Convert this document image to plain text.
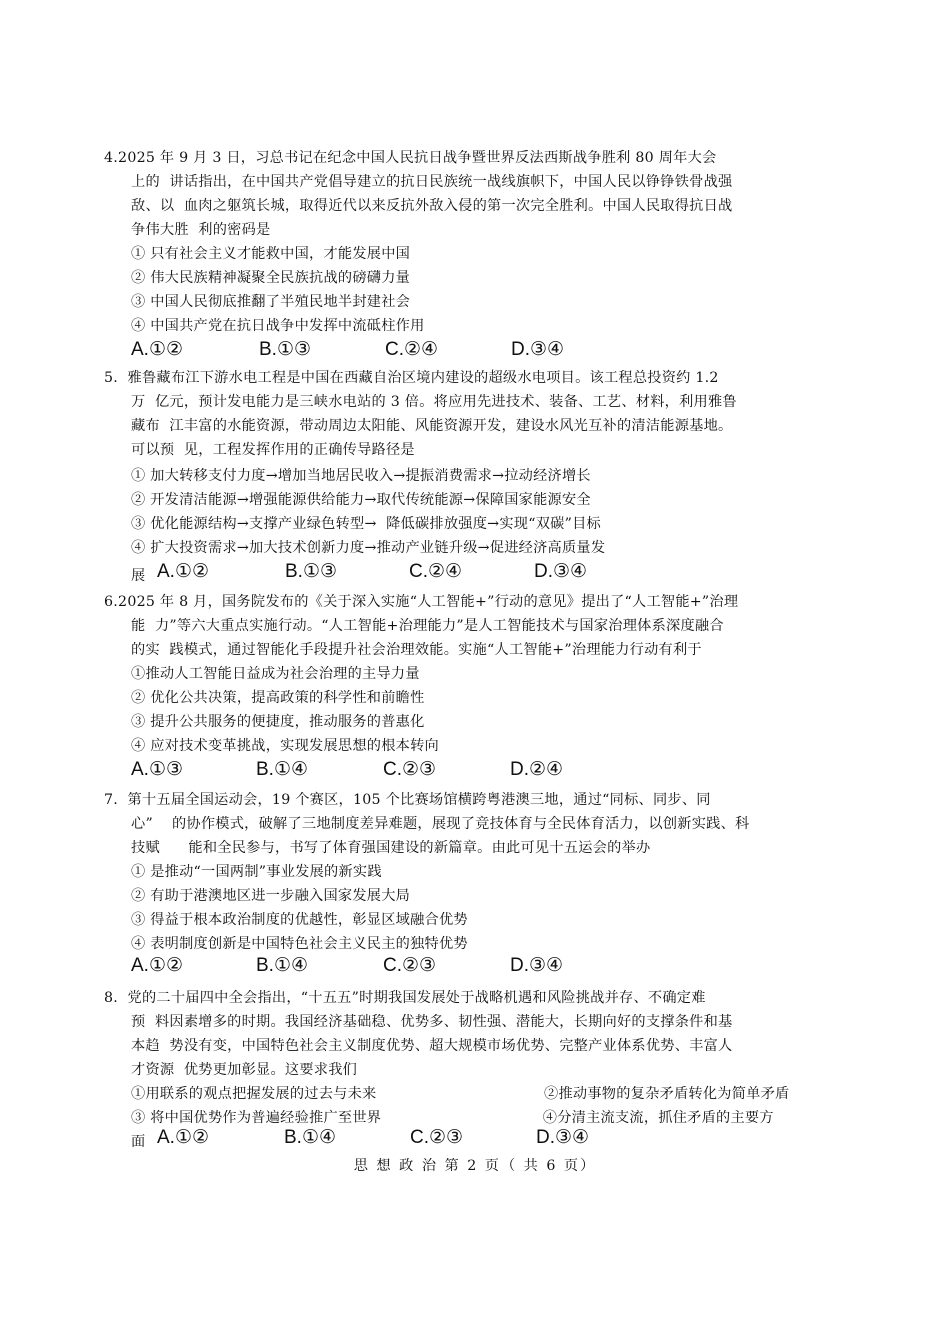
4.2025 年 9 月 3 日，习总书记在纪念中国人民抗日战争暨世界反法西斯战争胜利 80 周年大会
上的  讲话指出，在中国共产党倡导建立的抗日民族统一战线旗帜下，中国人民以铮铮铁骨战强
敌、以  血肉之躯筑长城，取得近代以来反抗外敌入侵的第一次完全胜利。中国人民取得抗日战
争伟大胜  利的密码是
① 只有社会主义才能救中国，才能发展中国
② 伟大民族精神凝聚全民族抗战的磅礴力量
③ 中国人民彻底推翻了半殖民地半封建社会
④ 中国共产党在抗日战争中发挥中流砥柱作用
A.①②	B.①③	C.②④	D.③④
5.  雅鲁藏布江下游水电工程是中国在西藏自治区境内建设的超级水电项目。该工程总投资约 1.2
万  亿元，预计发电能力是三峡水电站的 3 倍。将应用先进技术、装备、工艺、材料，利用雅鲁
藏布  江丰富的水能资源，带动周边太阳能、风能资源开发，建设水风光互补的清洁能源基地。
可以预  见，工程发挥作用的正确传导路径是
① 加大转移支付力度→增加当地居民收入→提振消费需求→拉动经济增长
② 开发清洁能源→增强能源供给能力→取代传统能源→保障国家能源安全
③ 优化能源结构→支撑产业绿色转型→  降低碳排放强度→实现“双碳”目标
④ 扩大投资需求→加大技术创新力度→推动产业链升级→促进经济高质量发
展 A.①②	B.①③	C.②④	D.③④
6.2025 年 8 月，国务院发布的《关于深入实施“人工智能+”行动的意见》提出了“人工智能+”治理
能  力”等六大重点实施行动。“人工智能+治理能力”是人工智能技术与国家治理体系深度融合
的实  践模式，通过智能化手段提升社会治理效能。实施“人工智能+”治理能力行动有利于
①推动人工智能日益成为社会治理的主导力量
② 优化公共决策，提高政策的科学性和前瞻性
③ 提升公共服务的便捷度，推动服务的普惠化
④ 应对技术变革挑战，实现发展思想的根本转向
A.①③	B.①④	C.②③	D.②④
7.  第十五届全国运动会，19 个赛区，105 个比赛场馆横跨粤港澳三地，通过“同标、同步、同
心”    的协作模式，破解了三地制度差异难题，展现了竞技体育与全民体育活力，以创新实践、科
技赋      能和全民参与，书写了体育强国建设的新篇章。由此可见十五运会的举办
① 是推动“一国两制”事业发展的新实践
② 有助于港澳地区进一步融入国家发展大局
③ 得益于根本政治制度的优越性，彰显区域融合优势
④ 表明制度创新是中国特色社会主义民主的独特优势
A.①②	B.①④	C.②③	D.③④
8.  党的二十届四中全会指出，“十五五”时期我国发展处于战略机遇和风险挑战并存、不确定难
预  料因素增多的时期。我国经济基础稳、优势多、韧性强、潜能大，长期向好的支撑条件和基
本趋  势没有变，中国特色社会主义制度优势、超大规模市场优势、完整产业体系优势、丰富人
才资源  优势更加彰显。这要求我们
①用联系的观点把握发展的过去与未来	②推动事物的复杂矛盾转化为简单矛盾
③ 将中国优势作为普遍经验推广至世界	④分清主流支流，抓住矛盾的主要方
面 A.①②	B.①④	C.②③	D.③④
思 想 政 治 第 2 页（ 共 6 页）
